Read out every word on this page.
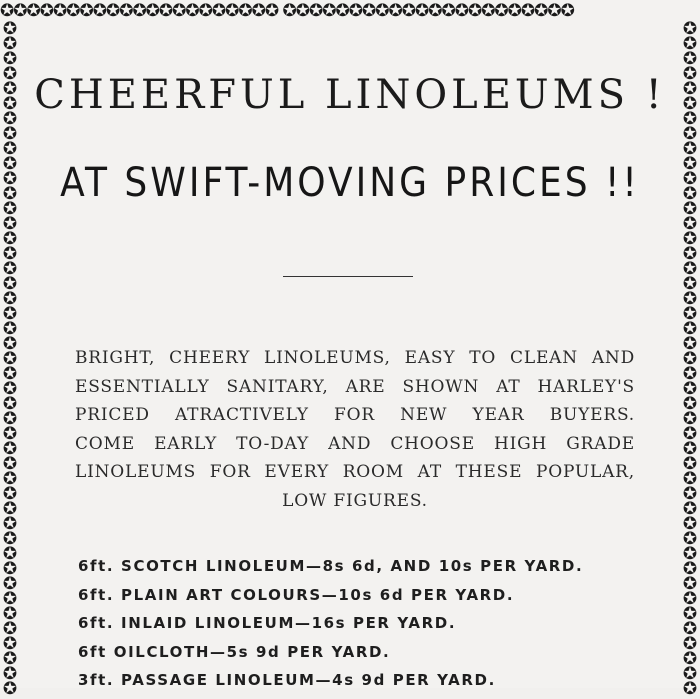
✪✪✪✪✪✪✪✪✪✪✪✪✪✪✪✪✪✪✪✪✪ ✪✪✪✪✪✪✪✪✪✪✪✪✪✪✪✪✪✪✪✪✪✪
✪✪✪✪✪✪✪✪✪✪✪✪✪✪✪✪✪✪✪✪✪✪✪✪✪✪✪✪✪✪✪✪✪✪✪✪✪✪✪✪✪✪✪✪✪
✪✪✪✪✪✪✪✪✪✪✪✪✪✪✪✪✪✪✪✪✪✪✪✪✪✪✪✪✪✪✪✪✪✪✪✪✪✪✪✪✪✪✪✪✪
CHEERFUL LINOLEUMS !
AT SWIFT-MOVING PRICES !!
BRIGHT, CHEERY LINOLEUMS, EASY TO CLEAN AND
ESSENTIALLY SANITARY, ARE SHOWN AT HARLEY'S
PRICED ATRACTIVELY FOR NEW YEAR BUYERS.
COME EARLY TO-DAY AND CHOOSE HIGH GRADE
LINOLEUMS FOR EVERY ROOM AT THESE POPULAR,
LOW FIGURES.
6ft. SCOTCH LINOLEUM—8s 6d, AND 10s PER YARD.
6ft. PLAIN ART COLOURS—10s 6d PER YARD.
6ft. INLAID LINOLEUM—16s PER YARD.
6ft OILCLOTH—5s 9d PER YARD.
3ft. PASSAGE LINOLEUM—4s 9d PER YARD.
